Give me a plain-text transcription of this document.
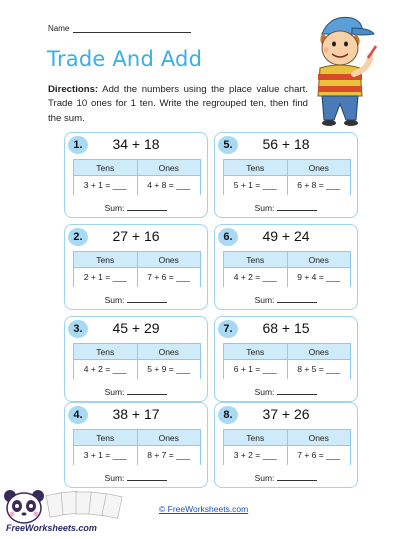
Name
Trade And Add
Directions: Add the numbers using the place value chart. Trade 10 ones for 1 ten. Write the regrouped ten, then find the sum.
1.	34 + 18
Tens	Ones
3 + 1 = ___	4 + 8 = ___
Sum:
2.	27 + 16
Tens	Ones
2 + 1 = ___	7 + 6 = ___
Sum:
3.	45 + 29
Tens	Ones
4 + 2 = ___	5 + 9 = ___
Sum:
4.	38 + 17
Tens	Ones
3 + 1 = ___	8 + 7 = ___
Sum:
5.	56 + 18
Tens	Ones
5 + 1 = ___	6 + 8 = ___
Sum:
6.	49 + 24
Tens	Ones
4 + 2 = ___	9 + 4 = ___
Sum:
7.	68 + 15
Tens	Ones
6 + 1 = ___	8 + 5 = ___
Sum:
8.	37 + 26
Tens	Ones
3 + 2 = ___	7 + 6 = ___
Sum:
© FreeWorksheets.com
FreeWorksheets.com
